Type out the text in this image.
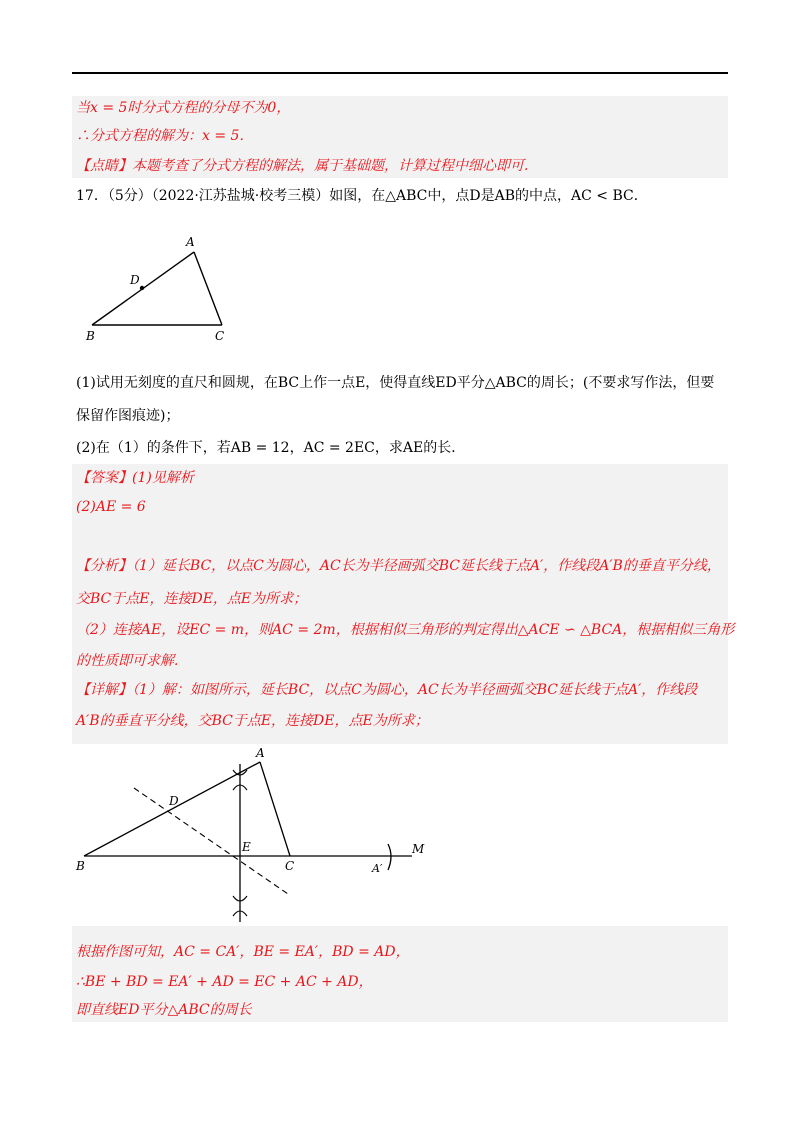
当x = 5时分式方程的分母不为0，
∴分式方程的解为：x = 5．
【点睛】本题考查了分式方程的解法，属于基础题，计算过程中细心即可.
17．（5分）（2022·江苏盐城·校考三模）如图，在△ABC中，点D是AB的中点，AC < BC．
A
D
B	C
(1)试用无刻度的直尺和圆规，在BC上作一点E，使得直线ED平分△ABC的周长；(不要求写作法，但要
保留作图痕迹)；
(2)在（1）的条件下，若AB = 12，AC = 2EC，求AE的长．
【答案】(1)见解析
(2)AE = 6
【分析】（1）延长BC，以点C为圆心，AC长为半径画弧交BC延长线于点A′，作线段A′B的垂直平分线，
交BC于点E，连接DE，点E为所求；
（2）连接AE，设EC = m，则AC = 2m，根据相似三角形的判定得出△ACE ∽ △BCA，根据相似三角形
的性质即可求解.
【详解】（1）解：如图所示，延长BC，以点C为圆心，AC长为半径画弧交BC延长线于点A′，作线段
A′B的垂直平分线，交BC于点E，连接DE，点E为所求；
A
D
E
B	C	A′
M
根据作图可知，AC = CA′，BE = EA′，BD = AD，
∴BE + BD = EA′ + AD = EC + AC + AD，
即直线ED平分△ABC的周长
